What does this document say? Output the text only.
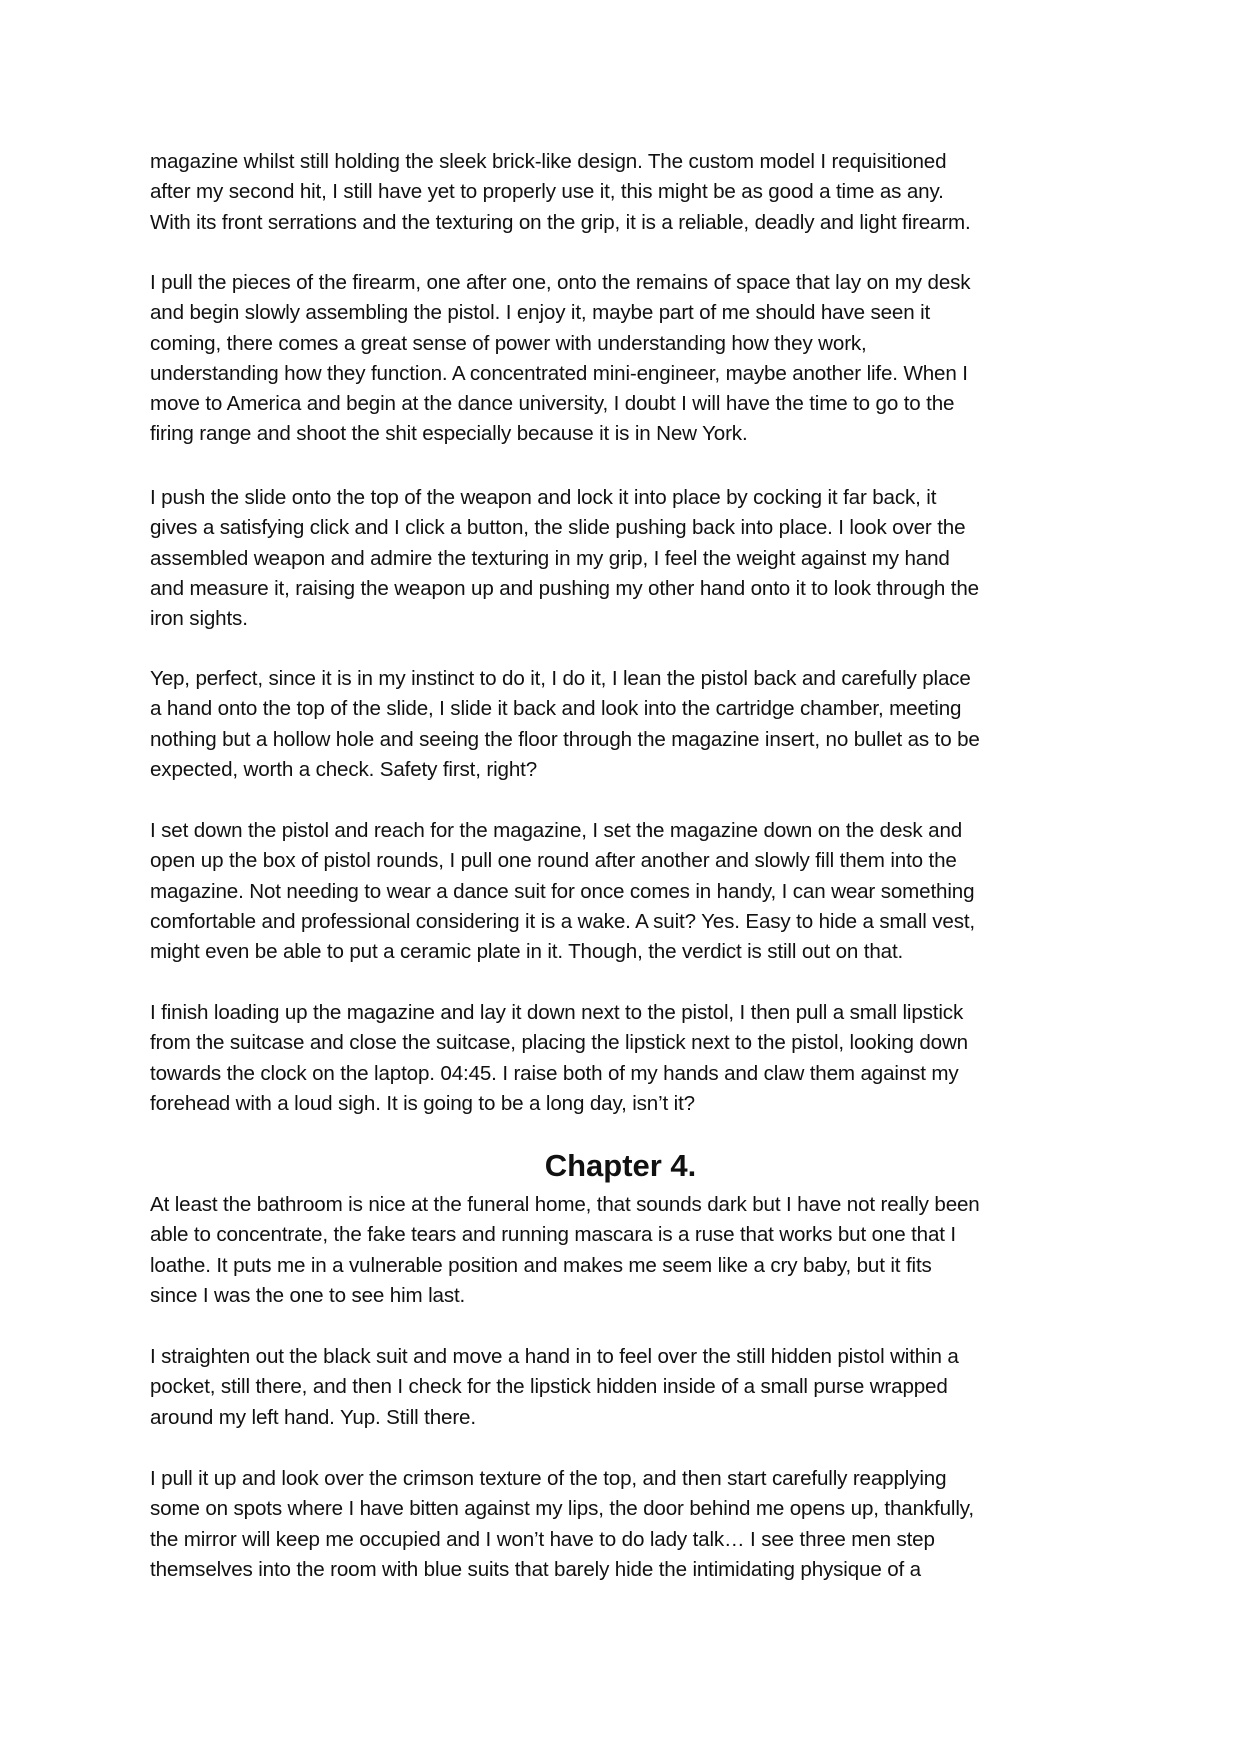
magazine whilst still holding the sleek brick-like design. The custom model I requisitioned
after my second hit, I still have yet to properly use it, this might be as good a time as any.
With its front serrations and the texturing on the grip, it is a reliable, deadly and light firearm.
I pull the pieces of the firearm, one after one, onto the remains of space that lay on my desk
and begin slowly assembling the pistol. I enjoy it, maybe part of me should have seen it
coming, there comes a great sense of power with understanding how they work,
understanding how they function. A concentrated mini-engineer, maybe another life. When I
move to America and begin at the dance university, I doubt I will have the time to go to the
firing range and shoot the shit especially because it is in New York.
I push the slide onto the top of the weapon and lock it into place by cocking it far back, it
gives a satisfying click and I click a button, the slide pushing back into place. I look over the
assembled weapon and admire the texturing in my grip, I feel the weight against my hand
and measure it, raising the weapon up and pushing my other hand onto it to look through the
iron sights.
Yep, perfect, since it is in my instinct to do it, I do it, I lean the pistol back and carefully place
a hand onto the top of the slide, I slide it back and look into the cartridge chamber, meeting
nothing but a hollow hole and seeing the floor through the magazine insert, no bullet as to be
expected, worth a check. Safety first, right?
I set down the pistol and reach for the magazine, I set the magazine down on the desk and
open up the box of pistol rounds, I pull one round after another and slowly fill them into the
magazine. Not needing to wear a dance suit for once comes in handy, I can wear something
comfortable and professional considering it is a wake. A suit? Yes. Easy to hide a small vest,
might even be able to put a ceramic plate in it. Though, the verdict is still out on that.
I finish loading up the magazine and lay it down next to the pistol, I then pull a small lipstick
from the suitcase and close the suitcase, placing the lipstick next to the pistol, looking down
towards the clock on the laptop. 04:45. I raise both of my hands and claw them against my
forehead with a loud sigh. It is going to be a long day, isn’t it?
Chapter 4.
At least the bathroom is nice at the funeral home, that sounds dark but I have not really been
able to concentrate, the fake tears and running mascara is a ruse that works but one that I
loathe. It puts me in a vulnerable position and makes me seem like a cry baby, but it fits
since I was the one to see him last.
I straighten out the black suit and move a hand in to feel over the still hidden pistol within a
pocket, still there, and then I check for the lipstick hidden inside of a small purse wrapped
around my left hand. Yup. Still there.
I pull it up and look over the crimson texture of the top, and then start carefully reapplying
some on spots where I have bitten against my lips, the door behind me opens up, thankfully,
the mirror will keep me occupied and I won’t have to do lady talk… I see three men step
themselves into the room with blue suits that barely hide the intimidating physique of a
